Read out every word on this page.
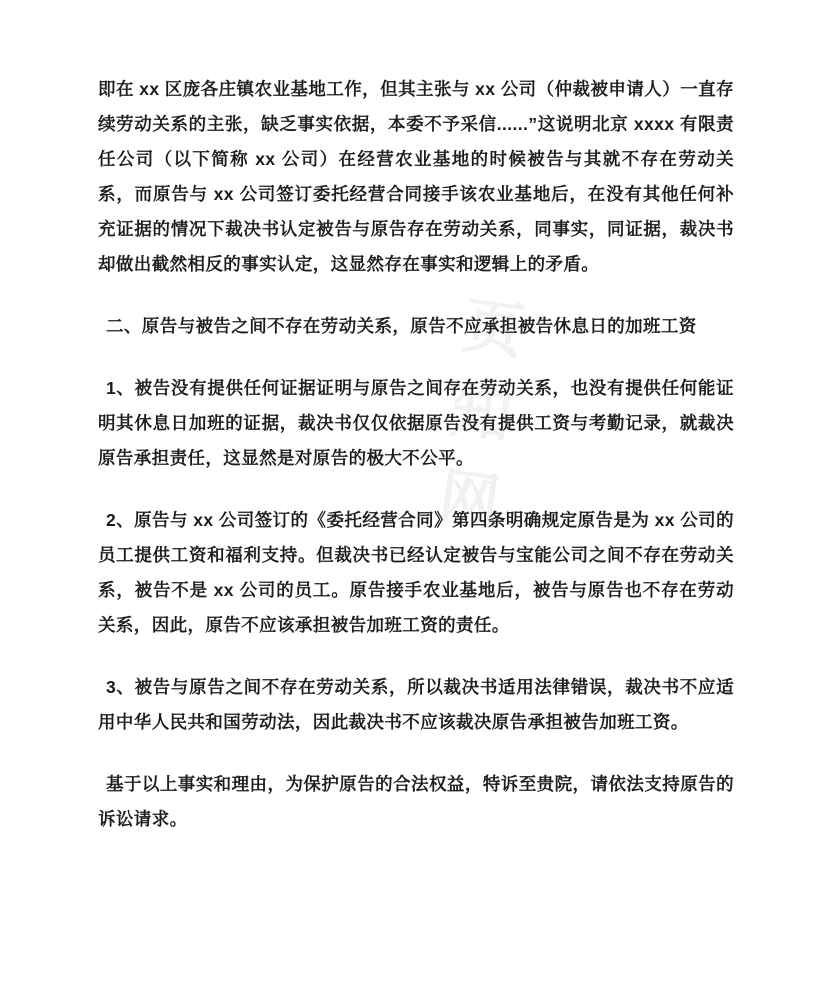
页知网

即在 xx 区庞各庄镇农业基地工作，但其主张与 xx 公司（仲裁被申请人）一直存续劳动关系的主张，缺乏事实依据，本委不予采信......”这说明北京 xxxx 有限责任公司（以下简称 xx 公司）在经营农业基地的时候被告与其就不存在劳动关系，而原告与 xx 公司签订委托经营合同接手该农业基地后，在没有其他任何补充证据的情况下裁决书认定被告与原告存在劳动关系，同事实，同证据，裁决书却做出截然相反的事实认定，这显然存在事实和逻辑上的矛盾。

二、原告与被告之间不存在劳动关系，原告不应承担被告休息日的加班工资

1、被告没有提供任何证据证明与原告之间存在劳动关系，也没有提供任何能证明其休息日加班的证据，裁决书仅仅依据原告没有提供工资与考勤记录，就裁决原告承担责任，这显然是对原告的极大不公平。

2、原告与 xx 公司签订的《委托经营合同》第四条明确规定原告是为 xx 公司的员工提供工资和福利支持。但裁决书已经认定被告与宝能公司之间不存在劳动关系，被告不是 xx 公司的员工。原告接手农业基地后，被告与原告也不存在劳动关系，因此，原告不应该承担被告加班工资的责任。

3、被告与原告之间不存在劳动关系，所以裁决书适用法律错误，裁决书不应适用中华人民共和国劳动法，因此裁决书不应该裁决原告承担被告加班工资。

基于以上事实和理由，为保护原告的合法权益，特诉至贵院，请依法支持原告的诉讼请求。
